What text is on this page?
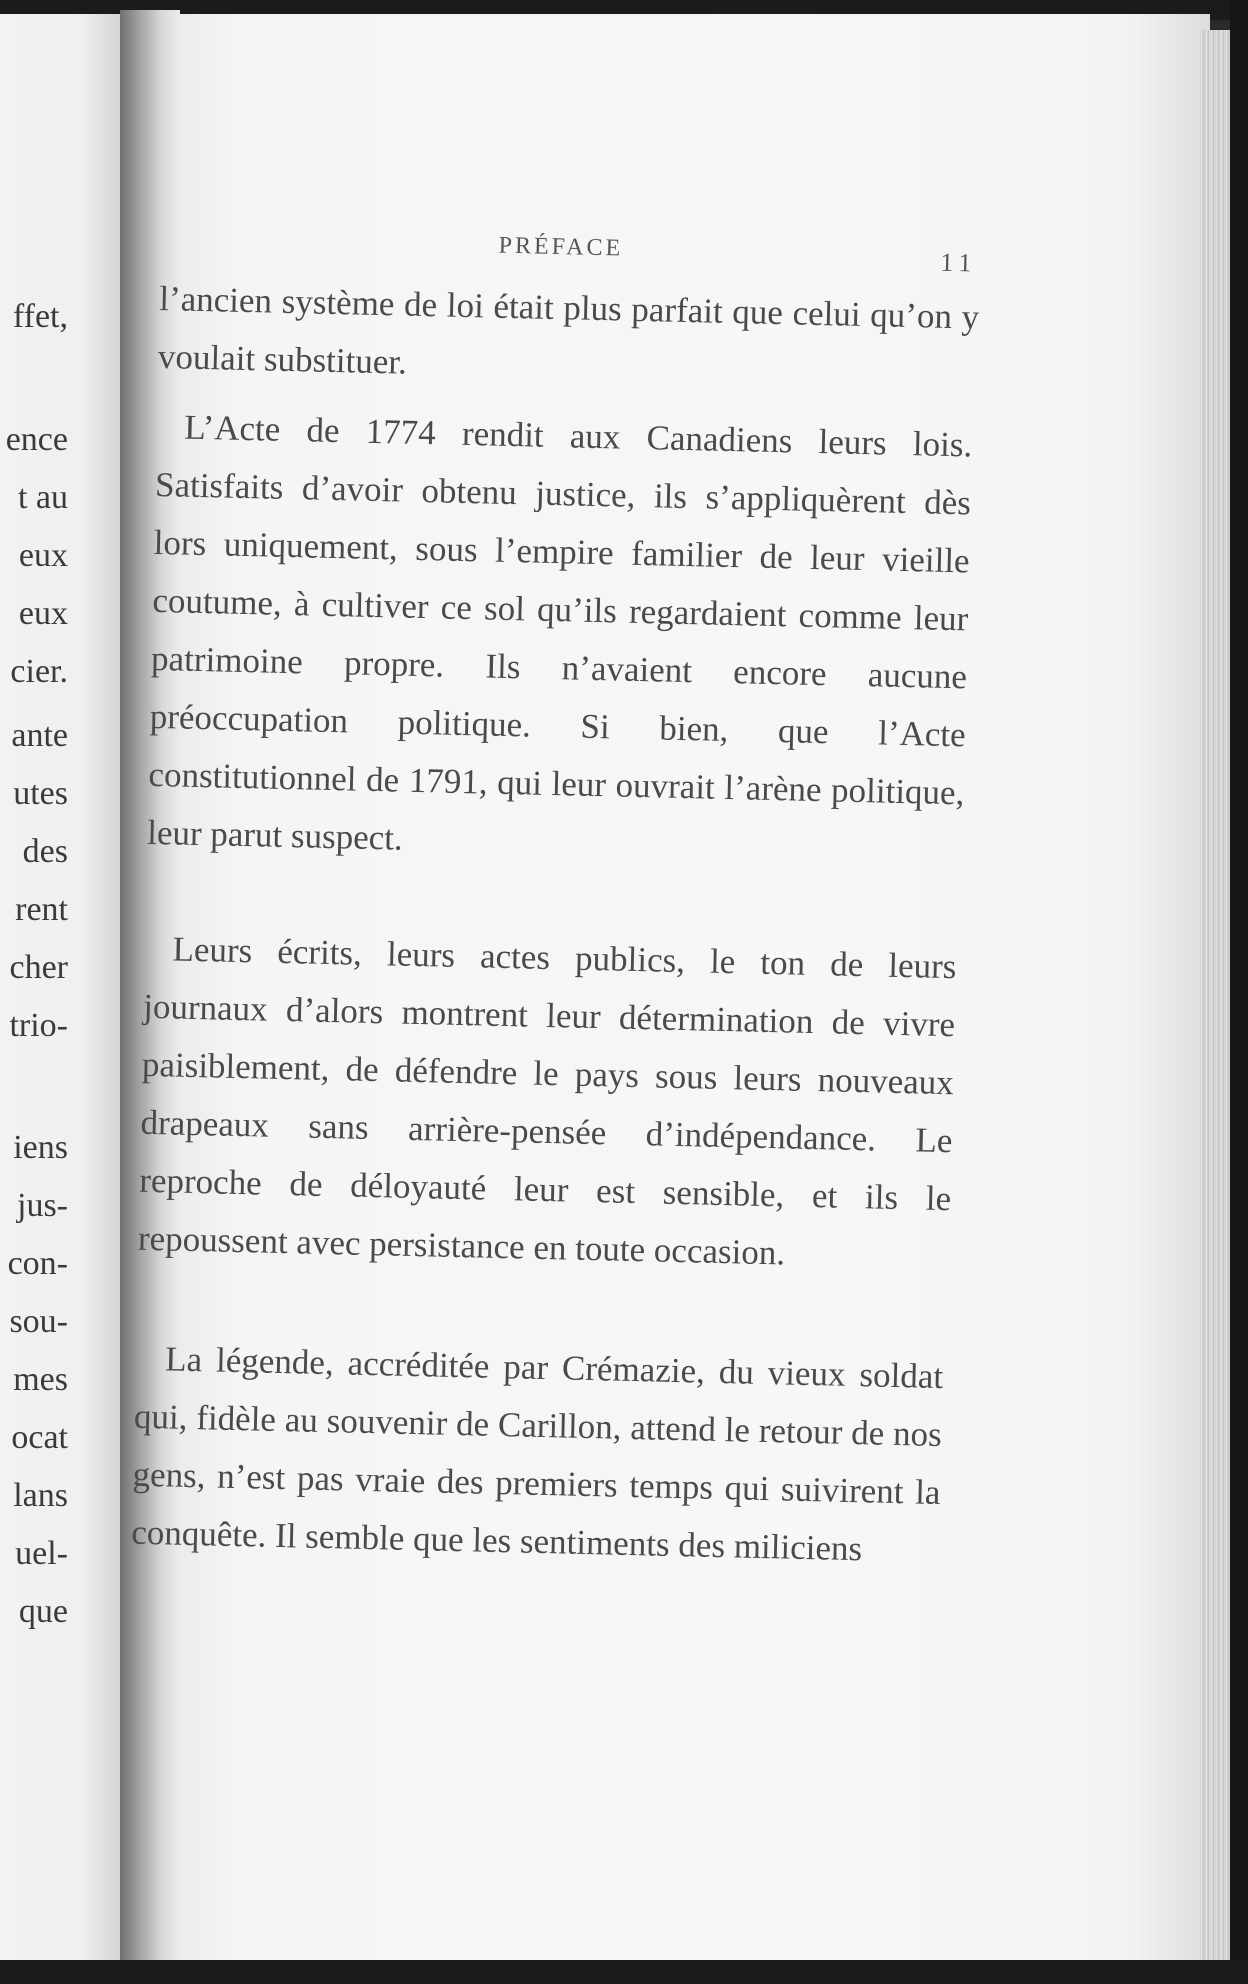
ffet,

ence

t au

eux

eux

cier.

ante

utes

des

rent

cher

trio-

iens

jus-

con-

sou-

mes

ocat

lans

uel-

que

PRÉFACE
11

l’ancien système de loi était plus parfait que celui qu’on y voulait substituer.

L’Acte de 1774 rendit aux Canadiens leurs lois. Satisfaits d’avoir obtenu justice, ils s’appliquèrent dès lors uniquement, sous l’empire familier de leur vieille coutume, à cultiver ce sol qu’ils regardaient comme leur patrimoine propre. Ils n’avaient encore aucune préoccupation politique. Si bien, que l’Acte constitutionnel de 1791, qui leur ouvrait l’arène politique, leur parut suspect.

Leurs écrits, leurs actes publics, le ton de leurs journaux d’alors montrent leur détermination de vivre paisiblement, de défendre le pays sous leurs nouveaux drapeaux sans arrière-pensée d’indépendance. Le reproche de déloyauté leur est sensible, et ils le repoussent avec persistance en toute occasion.

La légende, accréditée par Crémazie, du vieux soldat qui, fidèle au souvenir de Carillon, attend le retour de nos gens, n’est pas vraie des premiers temps qui suivirent la conquête. Il semble que les sentiments des miliciens
